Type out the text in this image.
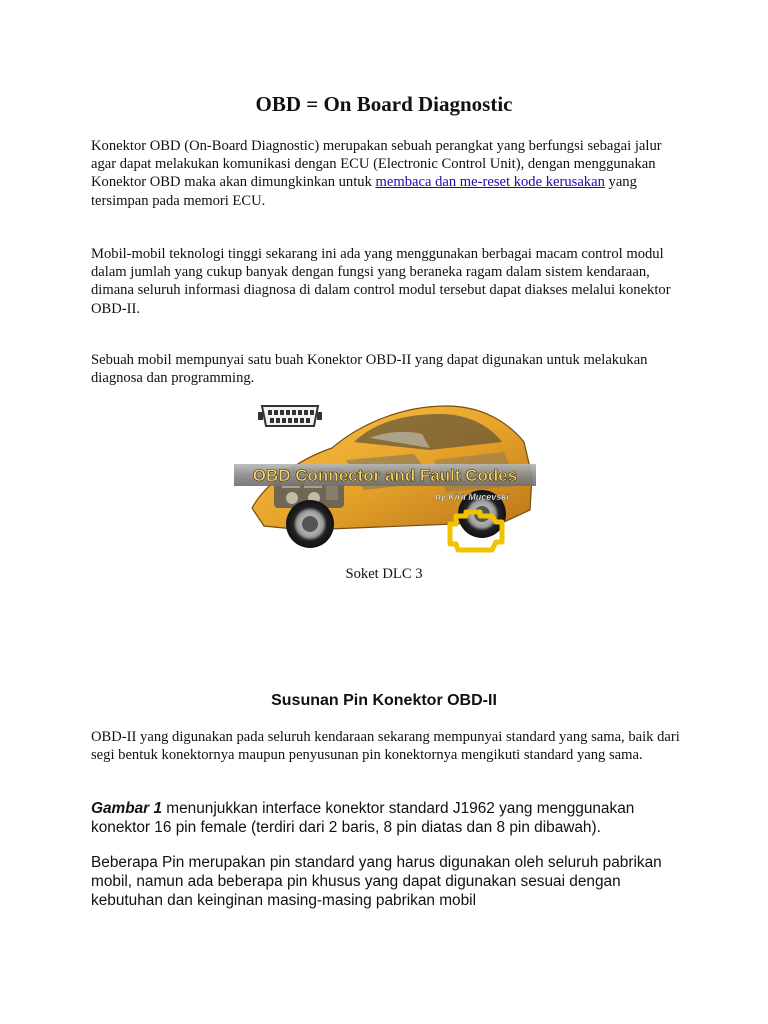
OBD = On Board Diagnostic
Konektor OBD (On-Board Diagnostic) merupakan sebuah perangkat yang berfungsi sebagai jalur agar dapat melakukan komunikasi dengan ECU (Electronic Control Unit), dengan menggunakan Konektor OBD maka akan dimungkinkan untuk membaca dan me-reset kode kerusakan yang tersimpan pada memori ECU.
Mobil-mobil teknologi tinggi sekarang ini ada yang menggunakan berbagai macam control modul dalam jumlah yang cukup banyak dengan fungsi yang beraneka ragam dalam sistem kendaraan, dimana seluruh informasi diagnosa di dalam control modul tersebut dapat diakses melalui konektor OBD-II.
Sebuah mobil mempunyai satu buah Konektor OBD-II yang dapat digunakan untuk melakukan diagnosa dan programming.
OBD Connector and Fault Codes
by Kiril Mucevski
Soket DLC 3
Susunan Pin Konektor OBD-II
OBD-II yang digunakan pada seluruh kendaraan sekarang mempunyai standard yang sama, baik dari segi bentuk konektornya maupun penyusunan pin konektornya mengikuti standard yang sama.
Gambar 1 menunjukkan interface konektor standard J1962 yang menggunakan konektor 16 pin female (terdiri dari 2 baris, 8 pin diatas dan 8 pin dibawah).
Beberapa Pin merupakan pin standard yang harus digunakan oleh seluruh pabrikan mobil, namun ada beberapa pin khusus yang dapat digunakan sesuai dengan kebutuhan dan keinginan masing-masing pabrikan mobil
